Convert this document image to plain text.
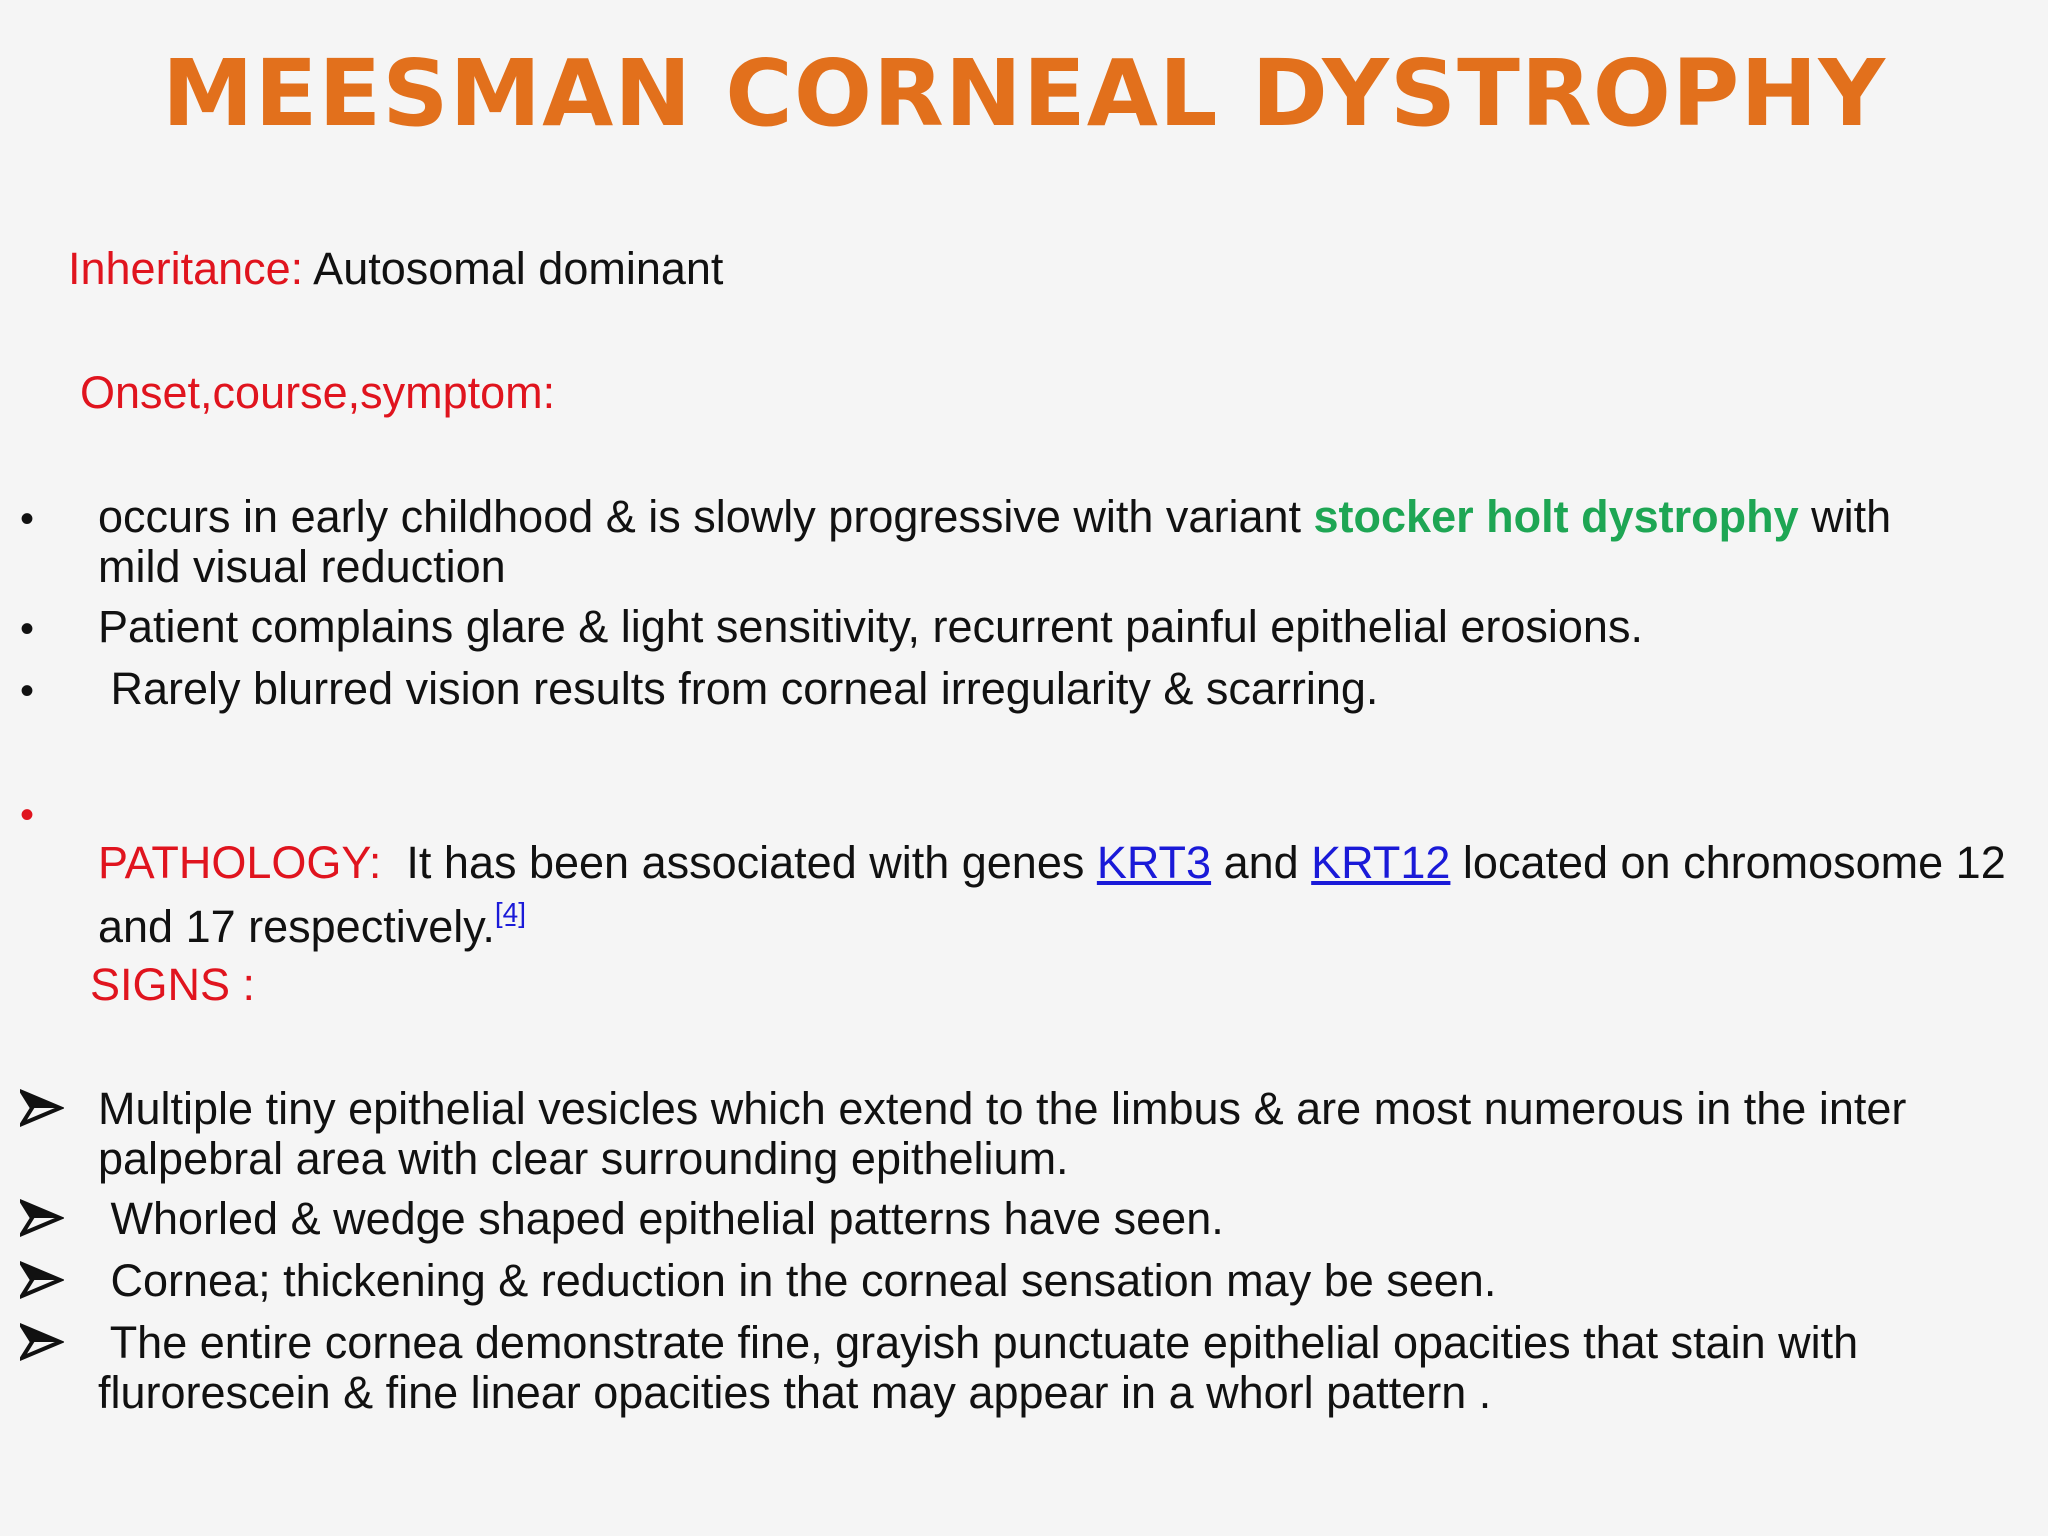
MEESMAN CORNEAL DYSTROPHY
Inheritance: Autosomal dominant
Onset,course,symptom:
•
occurs in early childhood & is slowly progressive with variant stocker holt dystrophy with
mild visual reduction
•
Patient complains glare & light sensitivity, recurrent painful epithelial erosions.
•
Rarely blurred vision results from corneal irregularity & scarring.
•

PATHOLOGY:  It has been associated with genes KRT3 and KRT12 located on chromosome 12
and 17 respectively.[4]
SIGNS :
Multiple tiny epithelial vesicles which extend to the limbus & are most numerous in the inter
palpebral area with clear surrounding epithelium.
Whorled & wedge shaped epithelial patterns have seen.
Cornea; thickening & reduction in the corneal sensation may be seen.
The entire cornea demonstrate fine, grayish punctuate epithelial opacities that stain with
flurorescein & fine linear opacities that may appear in a whorl pattern .
